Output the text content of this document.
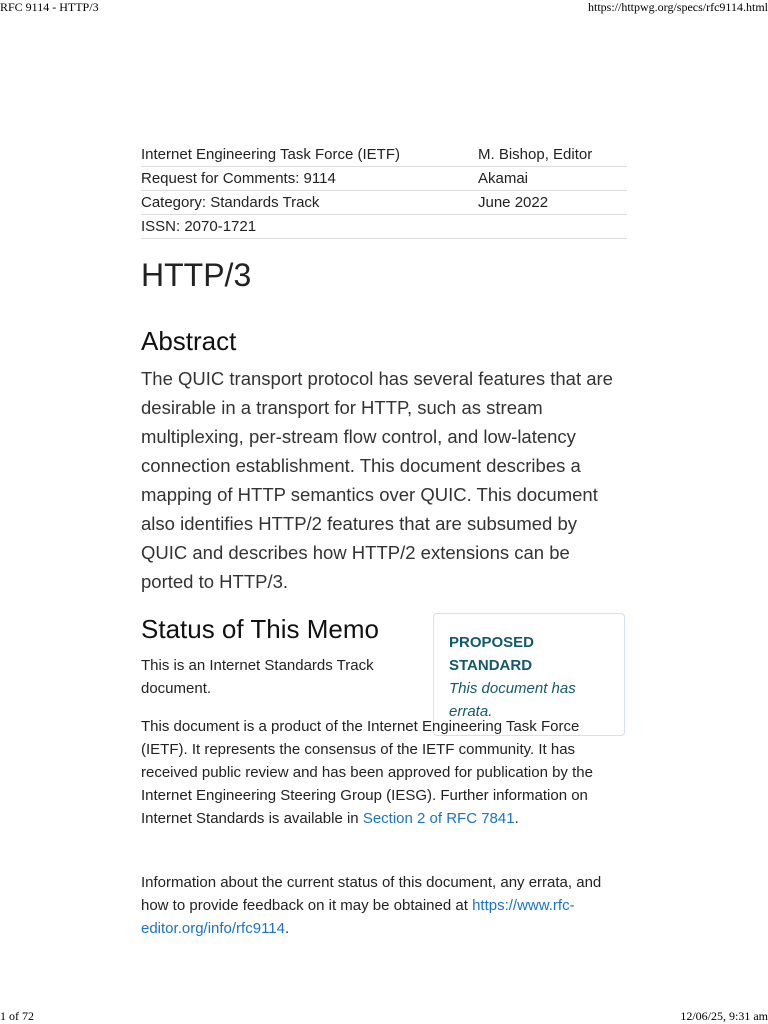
RFC 9114 - HTTP/3	https://httpwg.org/specs/rfc9114.html
Internet Engineering Task Force (IETF)	M. Bishop, Editor
Request for Comments: 9114	Akamai
Category: Standards Track	June 2022
ISSN: 2070-1721	
HTTP/3
Abstract

The QUIC transport protocol has several features that are desirable in a transport for HTTP, such as stream multiplexing, per-stream flow control, and low-latency connection establishment. This document describes a mapping of HTTP semantics over QUIC. This document also identifies HTTP/2 features that are subsumed by QUIC and describes how HTTP/2 extensions can be ported to HTTP/3.

Status of This Memo	PROPOSED STANDARD
This document has errata.

This is an Internet Standards Track document.

This document is a product of the Internet Engineering Task Force (IETF). It represents the consensus of the IETF community. It has received public review and has been approved for publication by the Internet Engineering Steering Group (IESG). Further information on Internet Standards is available in Section 2 of RFC 7841.

Information about the current status of this document, any errata, and how to provide feedback on it may be obtained at https://www.rfc-editor.org/info/rfc9114.

1 of 72	12/06/25, 9:31 am
